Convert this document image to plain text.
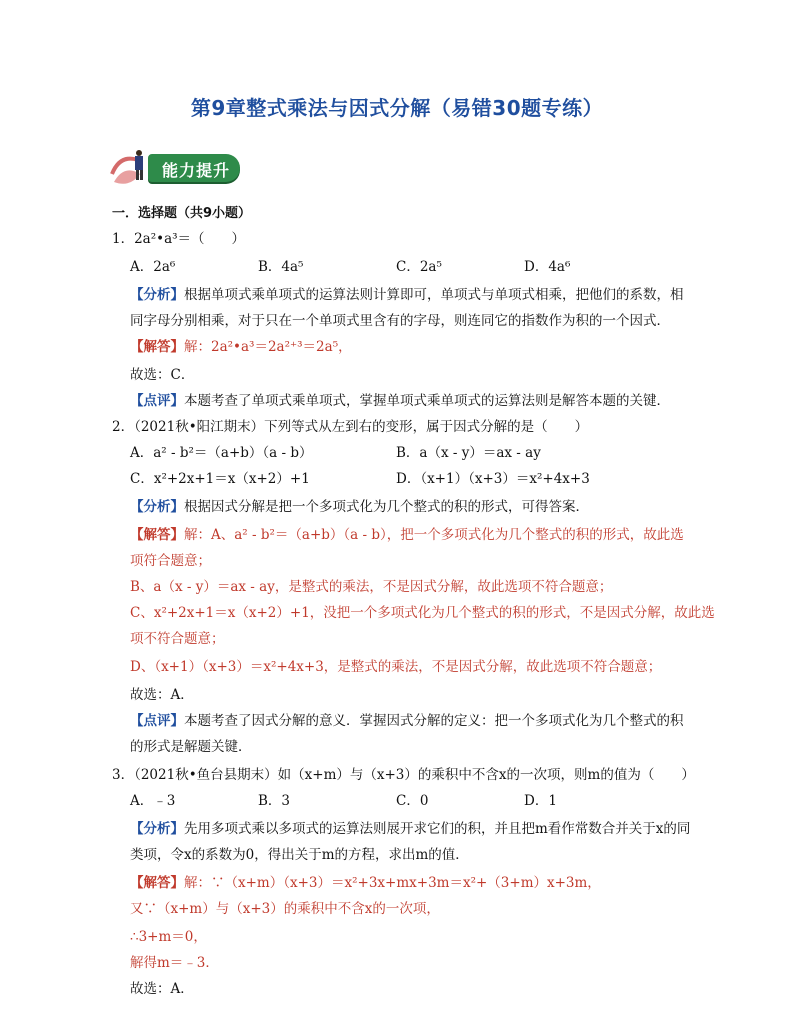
第9章整式乘法与因式分解（易错30题专练）
能力提升
一．选择题（共9小题）
1．2a²•a³＝（　　）
A．2a⁶	B．4a⁵	C．2a⁵	D．4a⁶
【分析】根据单项式乘单项式的运算法则计算即可，单项式与单项式相乘，把他们的系数，相
同字母分别相乘，对于只在一个单项式里含有的字母，则连同它的指数作为积的一个因式．
【解答】解：2a²•a³＝2a²⁺³＝2a⁵，
故选：C．
【点评】本题考查了单项式乘单项式，掌握单项式乘单项式的运算法则是解答本题的关键．
2．（2021秋•阳江期末）下列等式从左到右的变形，属于因式分解的是（　　）
A．a² - b²＝（a+b）（a - b）	B．a（x - y）＝ax - ay
C．x²+2x+1＝x（x+2）+1	D．（x+1）（x+3）＝x²+4x+3
【分析】根据因式分解是把一个多项式化为几个整式的积的形式，可得答案．
【解答】解：A、a² - b²＝（a+b）（a - b），把一个多项式化为几个整式的积的形式，故此选
项符合题意；
B、a（x - y）＝ax - ay，是整式的乘法，不是因式分解，故此选项不符合题意；
C、x²+2x+1＝x（x+2）+1，没把一个多项式化为几个整式的积的形式，不是因式分解，故此选
项不符合题意；
D、（x+1）（x+3）＝x²+4x+3，是整式的乘法，不是因式分解，故此选项不符合题意；
故选：A．
【点评】本题考查了因式分解的意义．掌握因式分解的定义：把一个多项式化为几个整式的积
的形式是解题关键．
3．（2021秋•鱼台县期末）如（x+m）与（x+3）的乘积中不含x的一次项，则m的值为（　　）
A．﹣3	B．3	C．0	D．1
【分析】先用多项式乘以多项式的运算法则展开求它们的积，并且把m看作常数合并关于x的同
类项，令x的系数为0，得出关于m的方程，求出m的值．
【解答】解：∵（x+m）（x+3）＝x²+3x+mx+3m＝x²+（3+m）x+3m，
又∵（x+m）与（x+3）的乘积中不含x的一次项，
∴3+m＝0，
解得m＝﹣3．
故选：A．
